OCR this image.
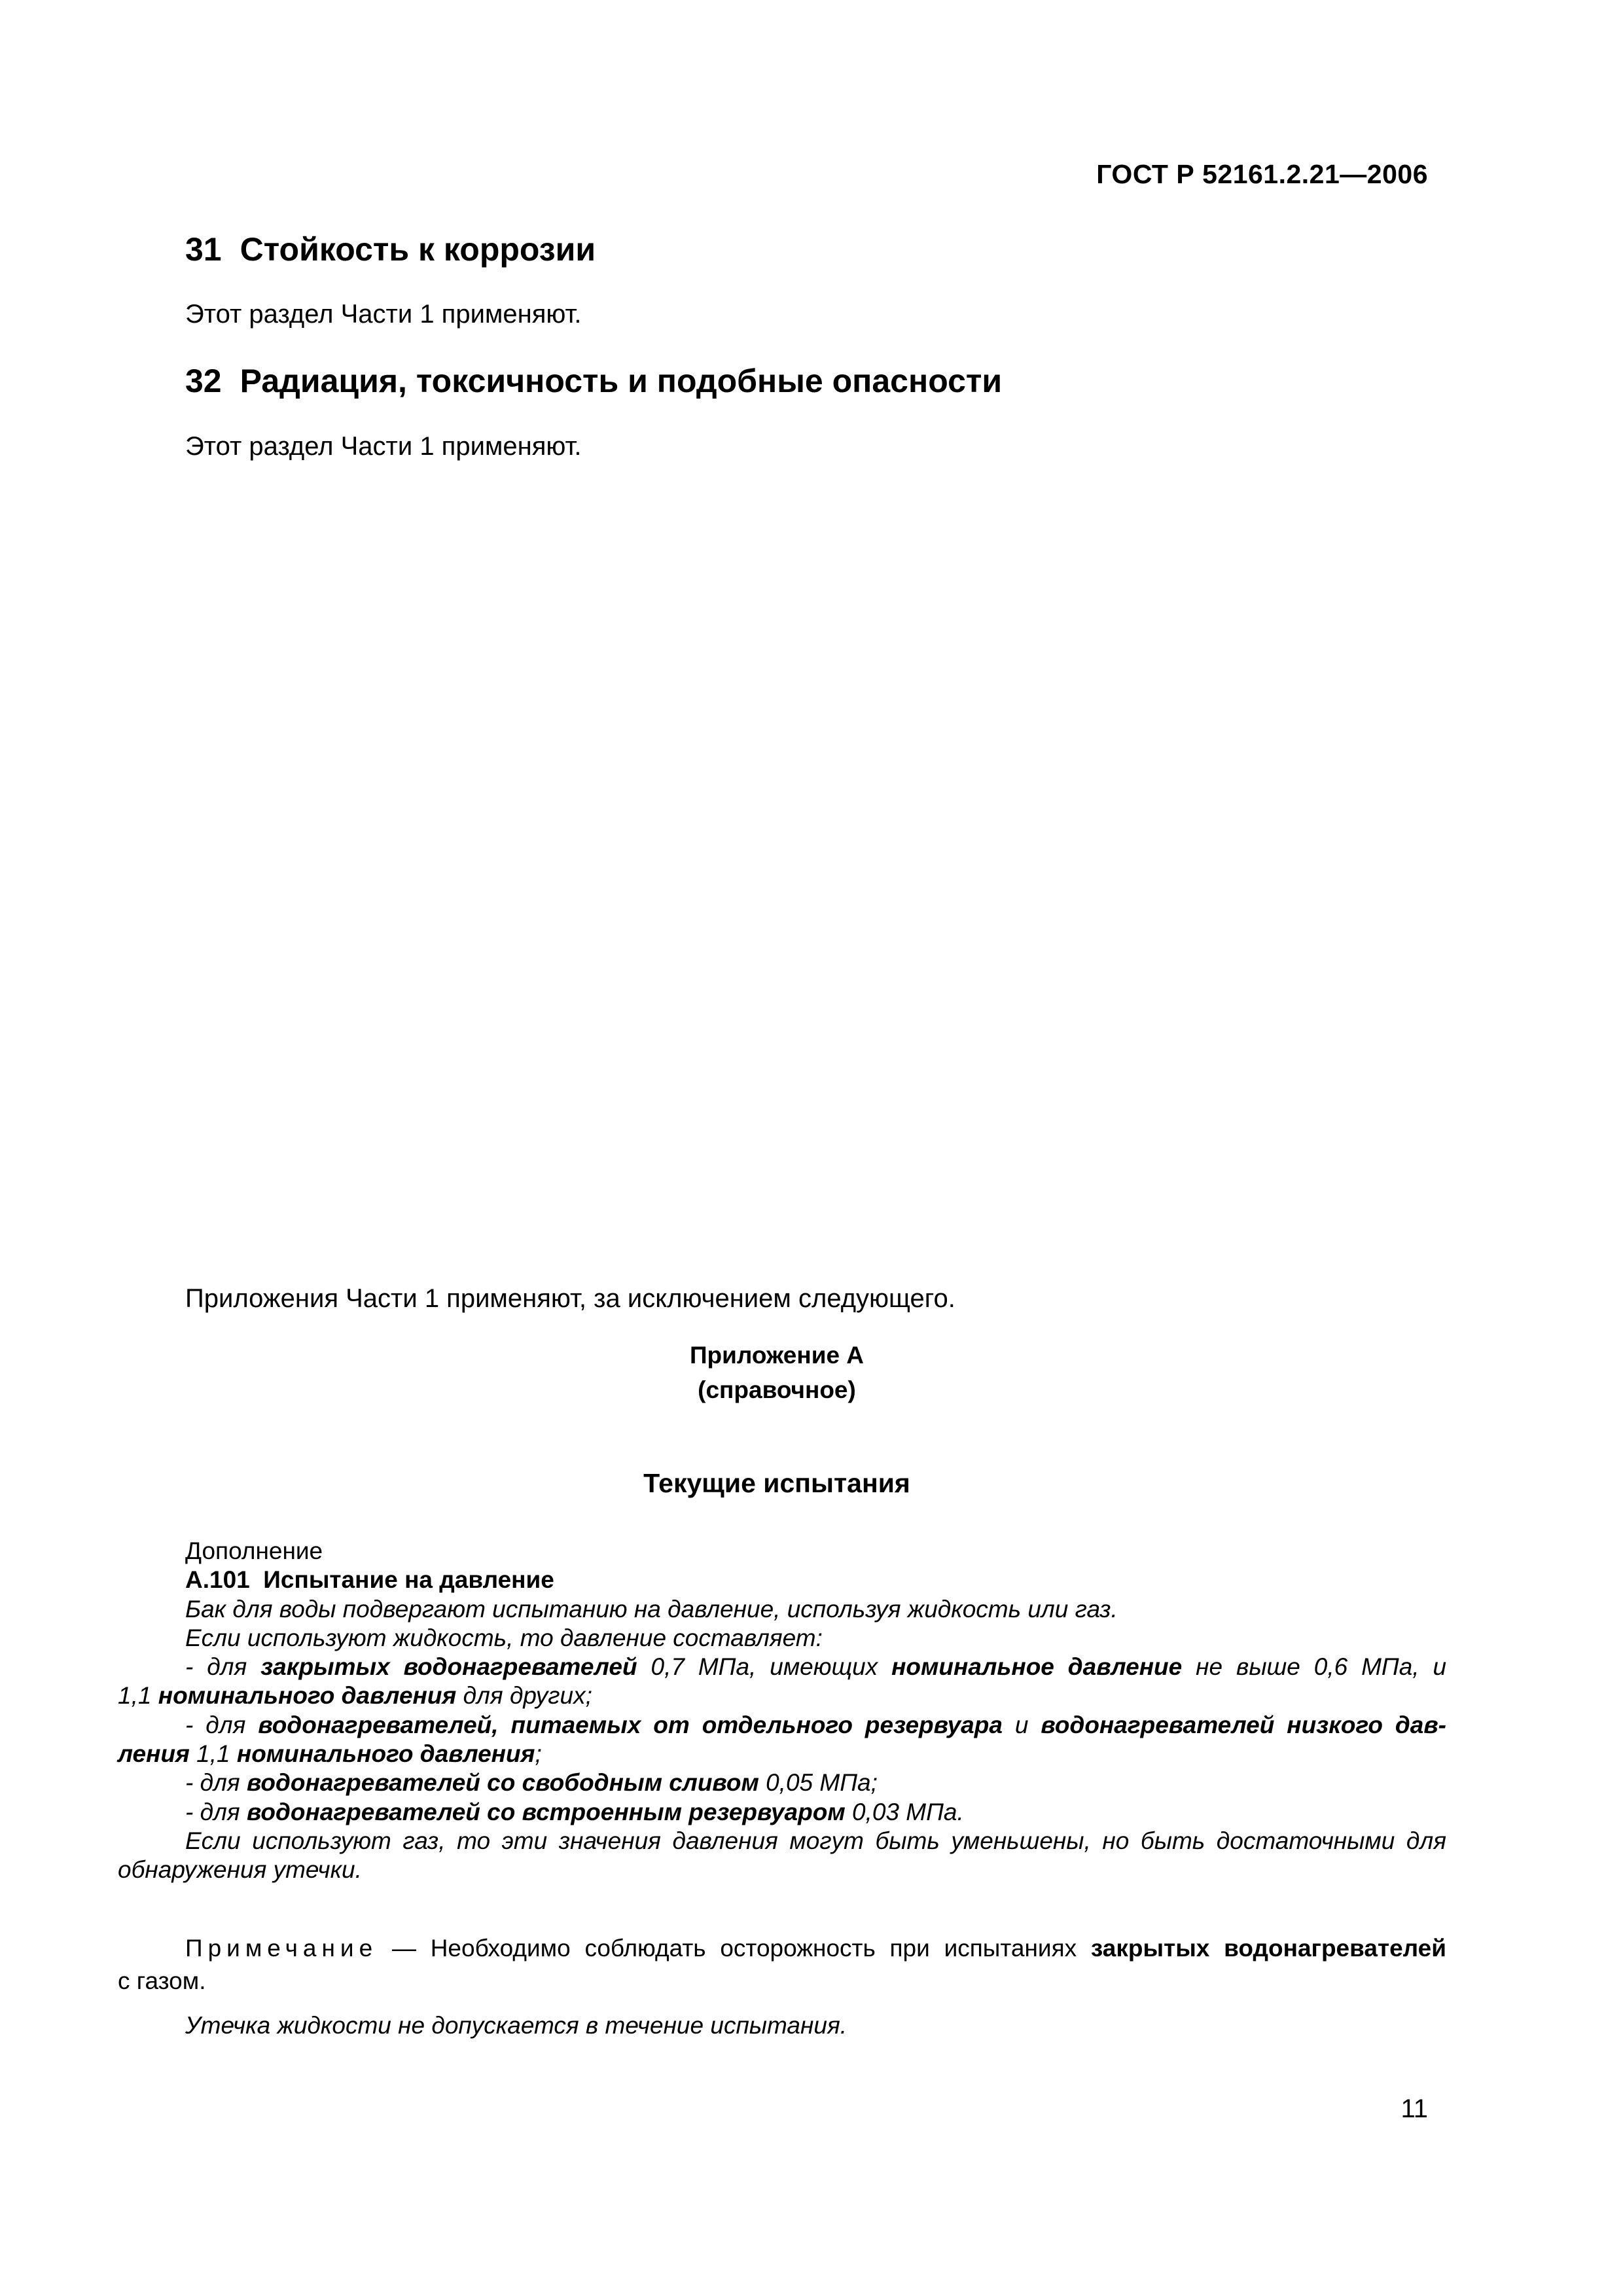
ГОСТ Р 52161.2.21—2006
31 Стойкость к коррозии
Этот раздел Части 1 применяют.
32 Радиация, токсичность и подобные опасности
Этот раздел Части 1 применяют.
Приложения Части 1 применяют, за исключением следующего.
Приложение А
(справочное)
Текущие испытания
Дополнение
А.101 Испытание на давление
Бак для воды подвергают испытанию на давление, используя жидкость или газ.
Если используют жидкость, то давление составляет:
- для закрытых водонагревателей 0,7 МПа, имеющих номинальное давление не выше 0,6 МПа, и
1,1 номинального давления для других;
- для водонагревателей, питаемых от отдельного резервуара и водонагревателей низкого дав-
ления 1,1 номинального давления;
- для водонагревателей со свободным сливом 0,05 МПа;
- для водонагревателей со встроенным резервуаром 0,03 МПа.
Если используют газ, то эти значения давления могут быть уменьшены, но быть достаточными для
обнаружения утечки.
Примечание — Необходимо соблюдать осторожность при испытаниях закрытых водонагревателей
с газом.
Утечка жидкости не допускается в течение испытания.
11
